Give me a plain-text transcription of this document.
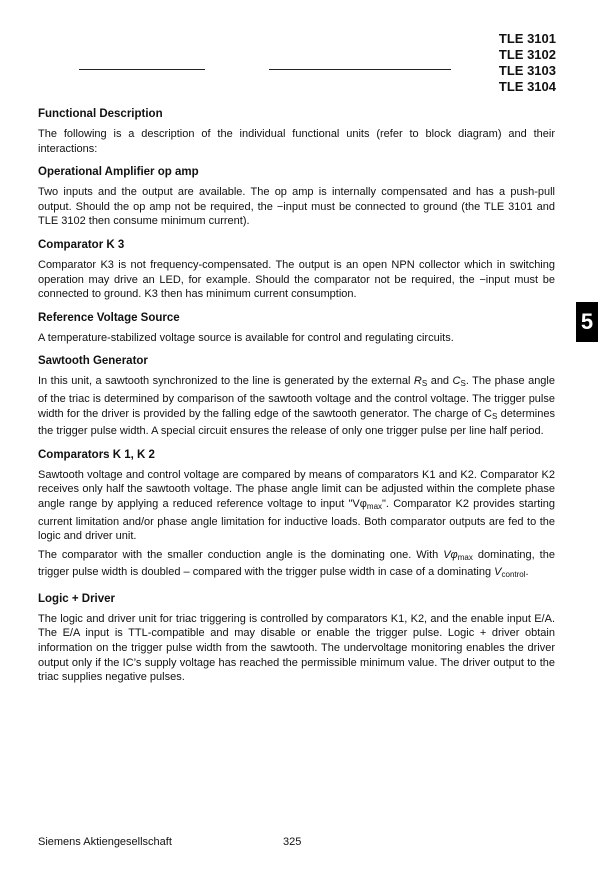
TLE 3101
TLE 3102
TLE 3103
TLE 3104
5
Functional Description

The following is a description of the individual functional units (refer to block diagram) and their interactions:

Operational Amplifier op amp

Two inputs and the output are available. The op amp is internally compensated and has a push-pull output. Should the op amp not be required, the −input must be connected to ground (the TLE 3101 and TLE 3102 then consume minimum current).

Comparator K 3

Comparator K3 is not frequency-compensated. The output is an open NPN collector which in switching operation may drive an LED, for example. Should the comparator not be required, the −input must be connected to ground. K3 then has minimum current consumption.

Reference Voltage Source

A temperature-stabilized voltage source is available for control and regulating circuits.

Sawtooth Generator

In this unit, a sawtooth synchronized to the line is generated by the external $R_S$ and $C_S$. The phase angle of the triac is determined by comparison of the sawtooth voltage and the control voltage. The trigger pulse width for the driver is provided by the falling edge of the sawtooth generator. The charge of $C_S$ determines the trigger pulse width. A special circuit ensures the release of only one trigger pulse per line half period.

Comparators K 1, K 2

Sawtooth voltage and control voltage are compared by means of comparators K1 and K2. Comparator K2 receives only half the sawtooth voltage. The phase angle limit can be adjusted within the complete phase angle range by applying a reduced reference voltage to input "$V\varphi_{max}$". Comparator K2 provides starting current limitation and/or phase angle limitation for inductive loads. Both comparator outputs are fed to the logic and driver unit.

The comparator with the smaller conduction angle is the dominating one. With $V\varphi_{max}$ dominating, the trigger pulse width is doubled – compared with the trigger pulse width in case of a dominating $V_{control}$.

Logic + Driver

The logic and driver unit for triac triggering is controlled by comparators K1, K2, and the enable input E/A. The E/A input is TTL-compatible and may disable or enable the trigger pulse. Logic + driver obtain information on the trigger pulse width from the sawtooth. The undervoltage monitoring enables the driver output only if the IC’s supply voltage has reached the permissible minimum value. The driver output to the triac supplies negative pulses.

Siemens Aktiengesellschaft	325
